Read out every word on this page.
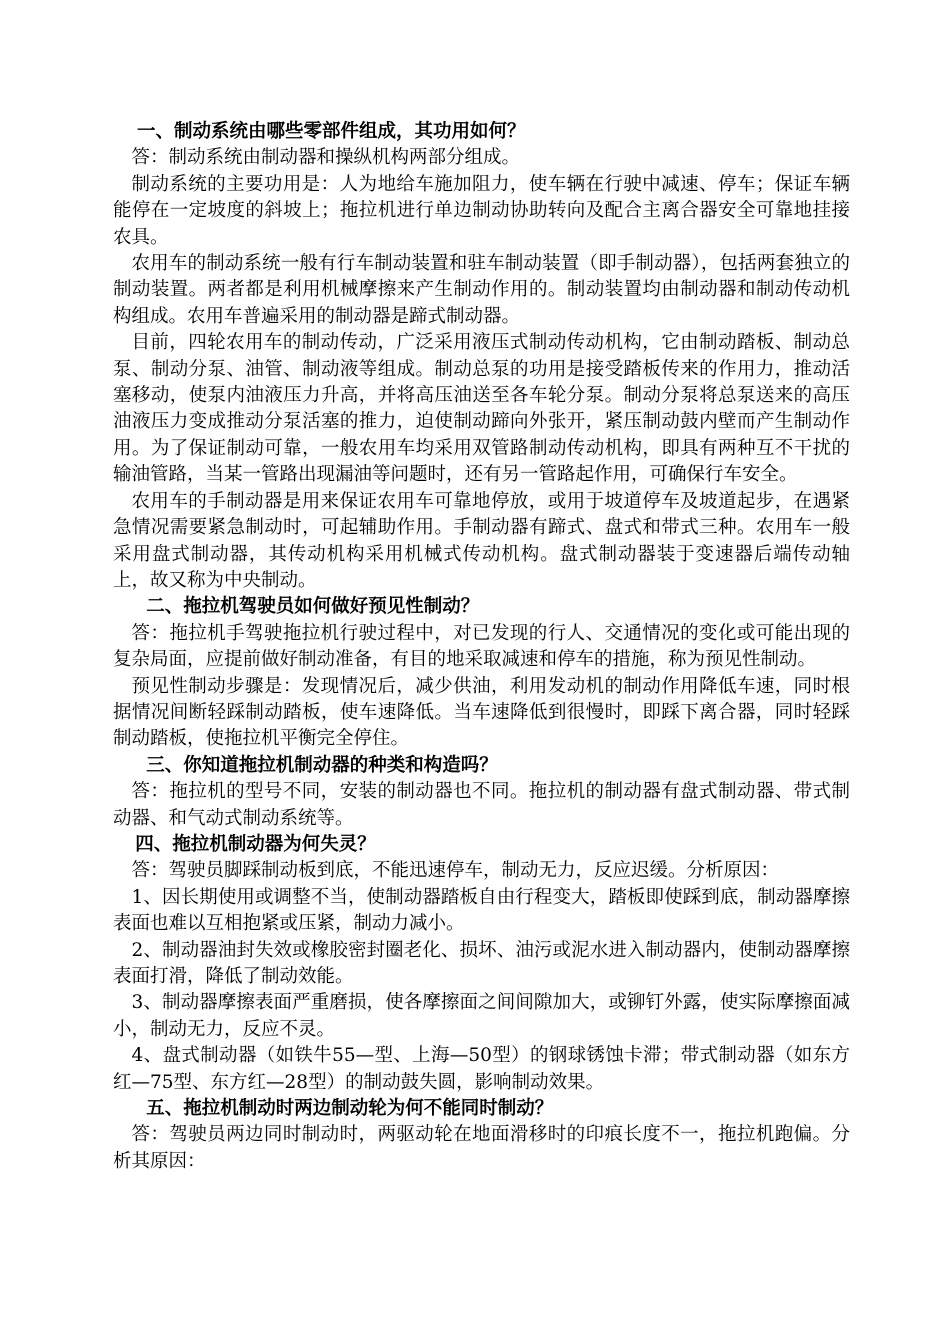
一、制动系统由哪些零部件组成，其功用如何？

答：制动系统由制动器和操纵机构两部分组成。

制动系统的主要功用是：人为地给车施加阻力，使车辆在行驶中减速、停车；保证车辆能停在一定坡度的斜坡上；拖拉机进行单边制动协助转向及配合主离合器安全可靠地挂接农具。

农用车的制动系统一般有行车制动装置和驻车制动装置（即手制动器），包括两套独立的制动装置。两者都是利用机械摩擦来产生制动作用的。制动装置均由制动器和制动传动机构组成。农用车普遍采用的制动器是蹄式制动器。

目前，四轮农用车的制动传动，广泛采用液压式制动传动机构，它由制动踏板、制动总泵、制动分泵、油管、制动液等组成。制动总泵的功用是接受踏板传来的作用力，推动活塞移动，使泵内油液压力升高，并将高压油送至各车轮分泵。制动分泵将总泵送来的高压油液压力变成推动分泵活塞的推力，迫使制动蹄向外张开，紧压制动鼓内壁而产生制动作用。为了保证制动可靠，一般农用车均采用双管路制动传动机构，即具有两种互不干扰的输油管路，当某一管路出现漏油等问题时，还有另一管路起作用，可确保行车安全。

农用车的手制动器是用来保证农用车可靠地停放，或用于坡道停车及坡道起步，在遇紧急情况需要紧急制动时，可起辅助作用。手制动器有蹄式、盘式和带式三种。农用车一般采用盘式制动器，其传动机构采用机械式传动机构。盘式制动器装于变速器后端传动轴上，故又称为中央制动。

二、拖拉机驾驶员如何做好预见性制动？

答：拖拉机手驾驶拖拉机行驶过程中，对已发现的行人、交通情况的变化或可能出现的复杂局面，应提前做好制动准备，有目的地采取减速和停车的措施，称为预见性制动。

预见性制动步骤是：发现情况后，减少供油，利用发动机的制动作用降低车速，同时根据情况间断轻踩制动踏板，使车速降低。当车速降低到很慢时，即踩下离合器，同时轻踩制动踏板，使拖拉机平衡完全停住。

三、你知道拖拉机制动器的种类和构造吗？

答：拖拉机的型号不同，安装的制动器也不同。拖拉机的制动器有盘式制动器、带式制动器、和气动式制动系统等。

四、拖拉机制动器为何失灵？

答：驾驶员脚踩制动板到底，不能迅速停车，制动无力，反应迟缓。分析原因：

1、因长期使用或调整不当，使制动器踏板自由行程变大，踏板即使踩到底，制动器摩擦表面也难以互相抱紧或压紧，制动力减小。

2、制动器油封失效或橡胶密封圈老化、损坏、油污或泥水进入制动器内，使制动器摩擦表面打滑，降低了制动效能。

3、制动器摩擦表面严重磨损，使各摩擦面之间间隙加大，或铆钉外露，使实际摩擦面减小，制动无力，反应不灵。

4、盘式制动器（如铁牛55—型、上海—50型）的钢球锈蚀卡滞；带式制动器（如东方红—75型、东方红—28型）的制动鼓失圆，影响制动效果。

五、拖拉机制动时两边制动轮为何不能同时制动？

答：驾驶员两边同时制动时，两驱动轮在地面滑移时的印痕长度不一，拖拉机跑偏。分析其原因：
